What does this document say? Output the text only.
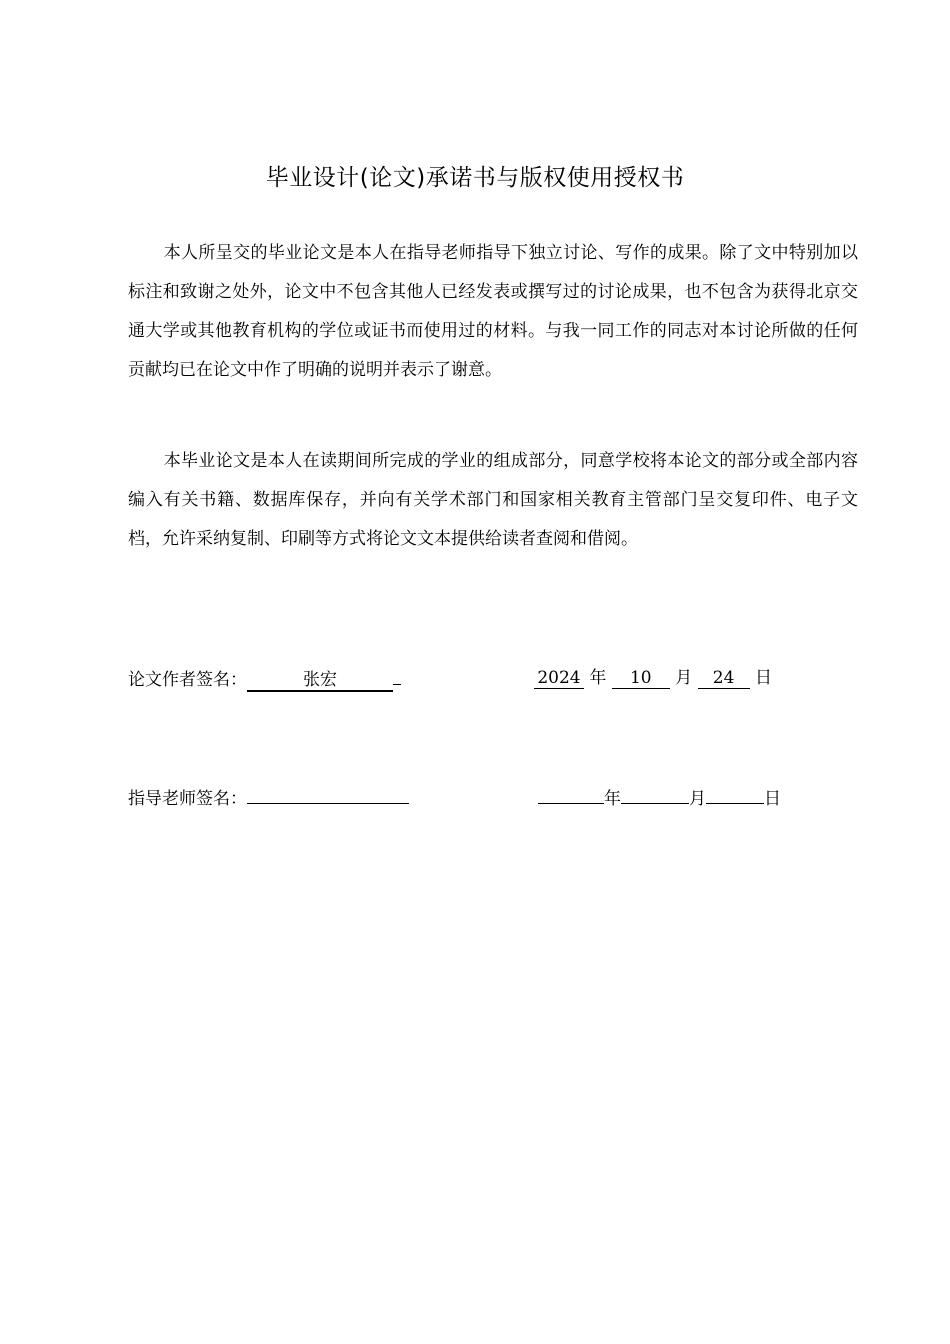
毕业设计(论文)承诺书与版权使用授权书

本人所呈交的毕业论文是本人在指导老师指导下独立讨论、写作的成果。除了文中特别加以标注和致谢之处外，论文中不包含其他人已经发表或撰写过的讨论成果，也不包含为获得北京交通大学或其他教育机构的学位或证书而使用过的材料。与我一同工作的同志对本讨论所做的任何贡献均已在论文中作了明确的说明并表示了谢意。

本毕业论文是本人在读期间所完成的学业的组成部分，同意学校将本论文的部分或全部内容编入有关书籍、数据库保存，并向有关学术部门和国家相关教育主管部门呈交复印件、电子文档，允许采纳复制、印刷等方式将论文文本提供给读者查阅和借阅。

论文作者签名：	张宏	2024 年 10 月 24 日
指导老师签名：	年	月	日
